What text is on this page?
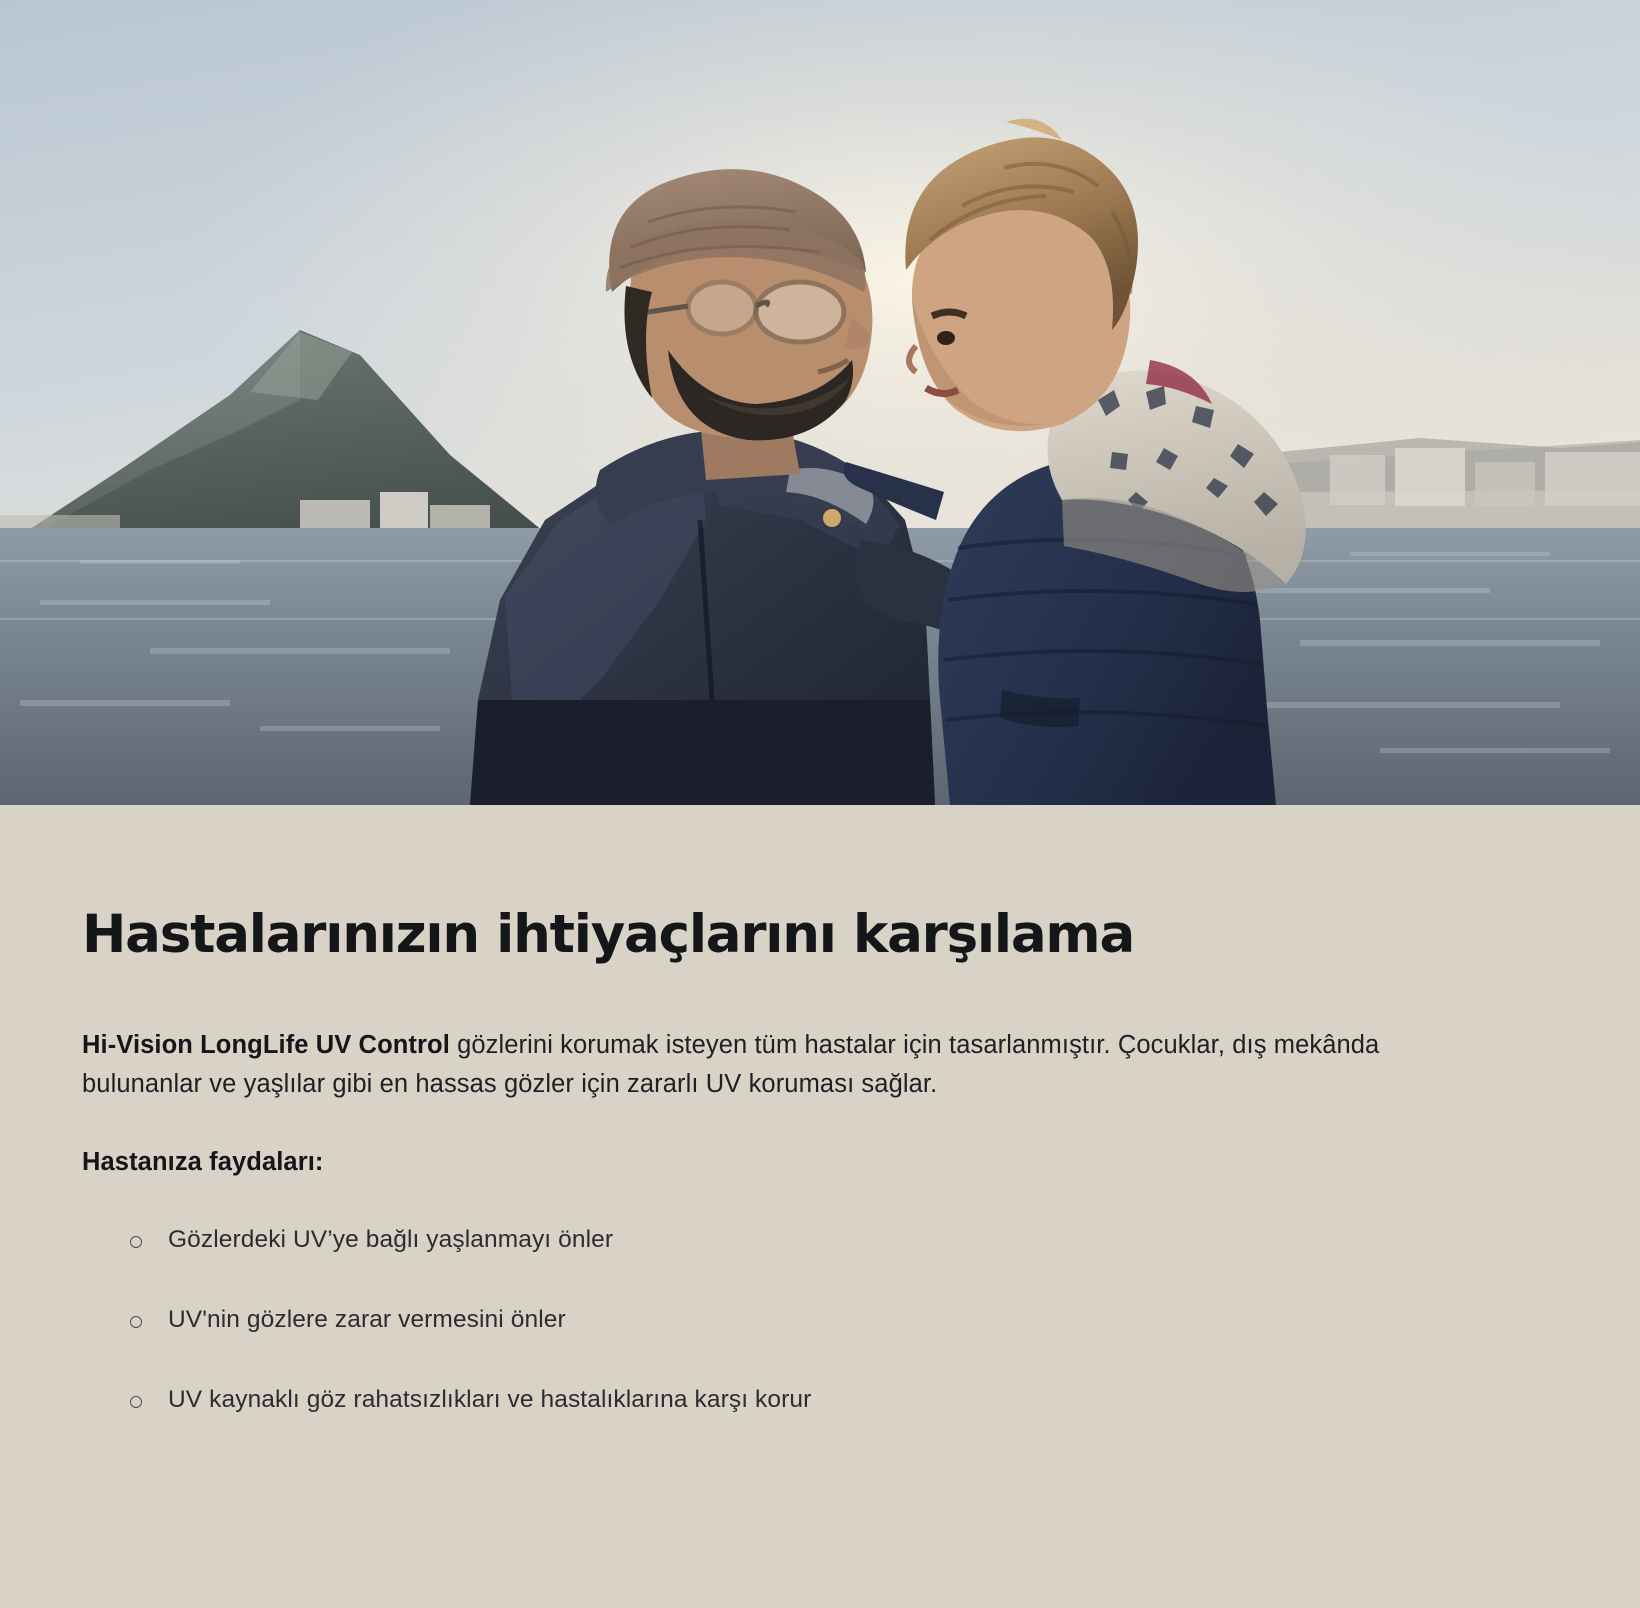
Hastalarınızın ihtiyaçlarını karşılama

Hi-Vision LongLife UV Control gözlerini korumak isteyen tüm hastalar için tasarlanmıştır. Çocuklar, dış mekânda bulunanlar ve yaşlılar gibi en hassas gözler için zararlı UV koruması sağlar.

Hastanıza faydaları:

Gözlerdeki UV’ye bağlı yaşlanmayı önler
UV'nin gözlere zarar vermesini önler
UV kaynaklı göz rahatsızlıkları ve hastalıklarına karşı korur
